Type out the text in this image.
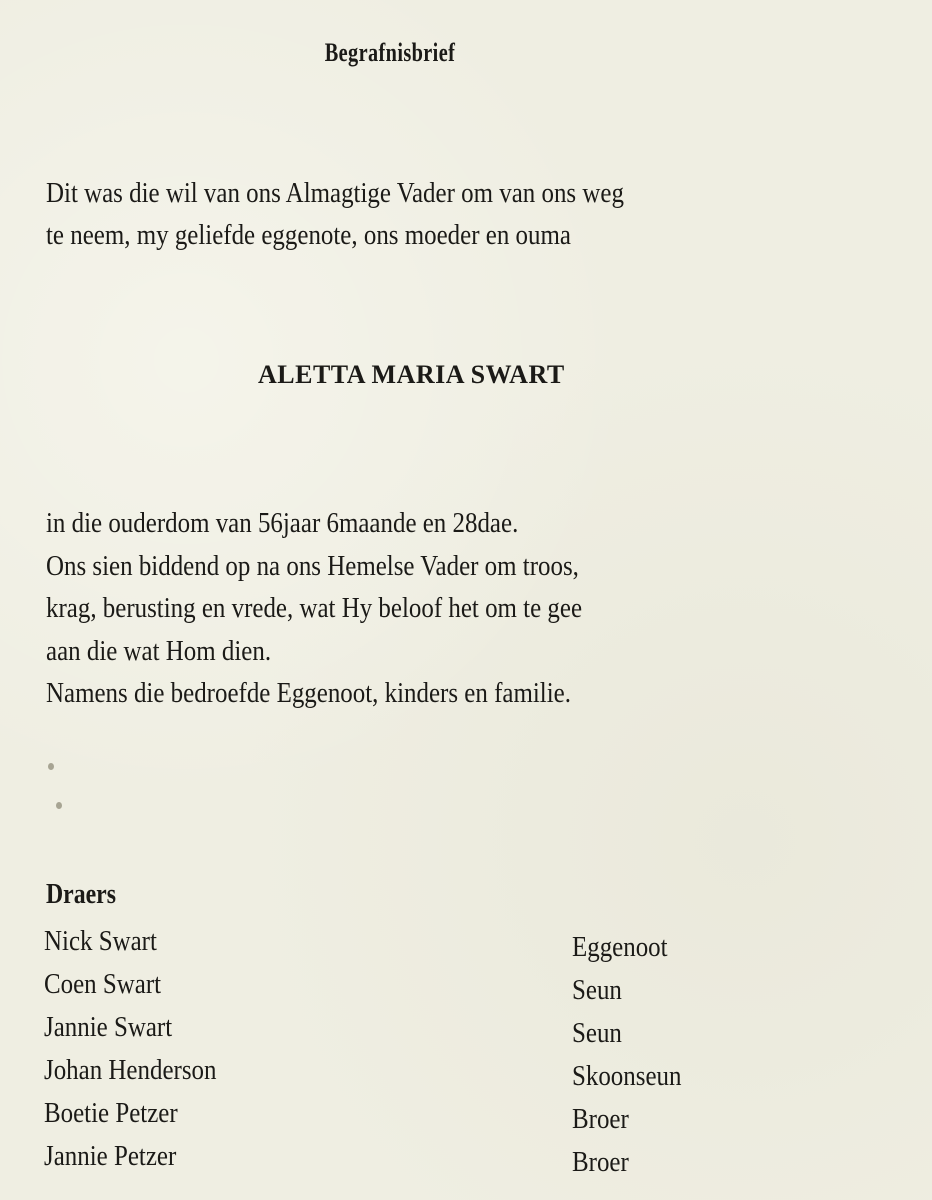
Begrafnisbrief
Dit was die wil van ons Almagtige Vader om van ons weg
te neem, my geliefde eggenote, ons moeder en ouma
ALETTA MARIA SWART
in die ouderdom van 56jaar 6maande en 28dae.
Ons sien biddend op na ons Hemelse Vader om troos,
krag, berusting en vrede, wat Hy beloof het om te gee
aan die wat Hom dien.
Namens die bedroefde Eggenoot, kinders en familie.
Draers
Nick Swart
Coen Swart
Jannie Swart
Johan Henderson
Boetie Petzer
Jannie Petzer
Eggenoot
Seun
Seun
Skoonseun
Broer
Broer
